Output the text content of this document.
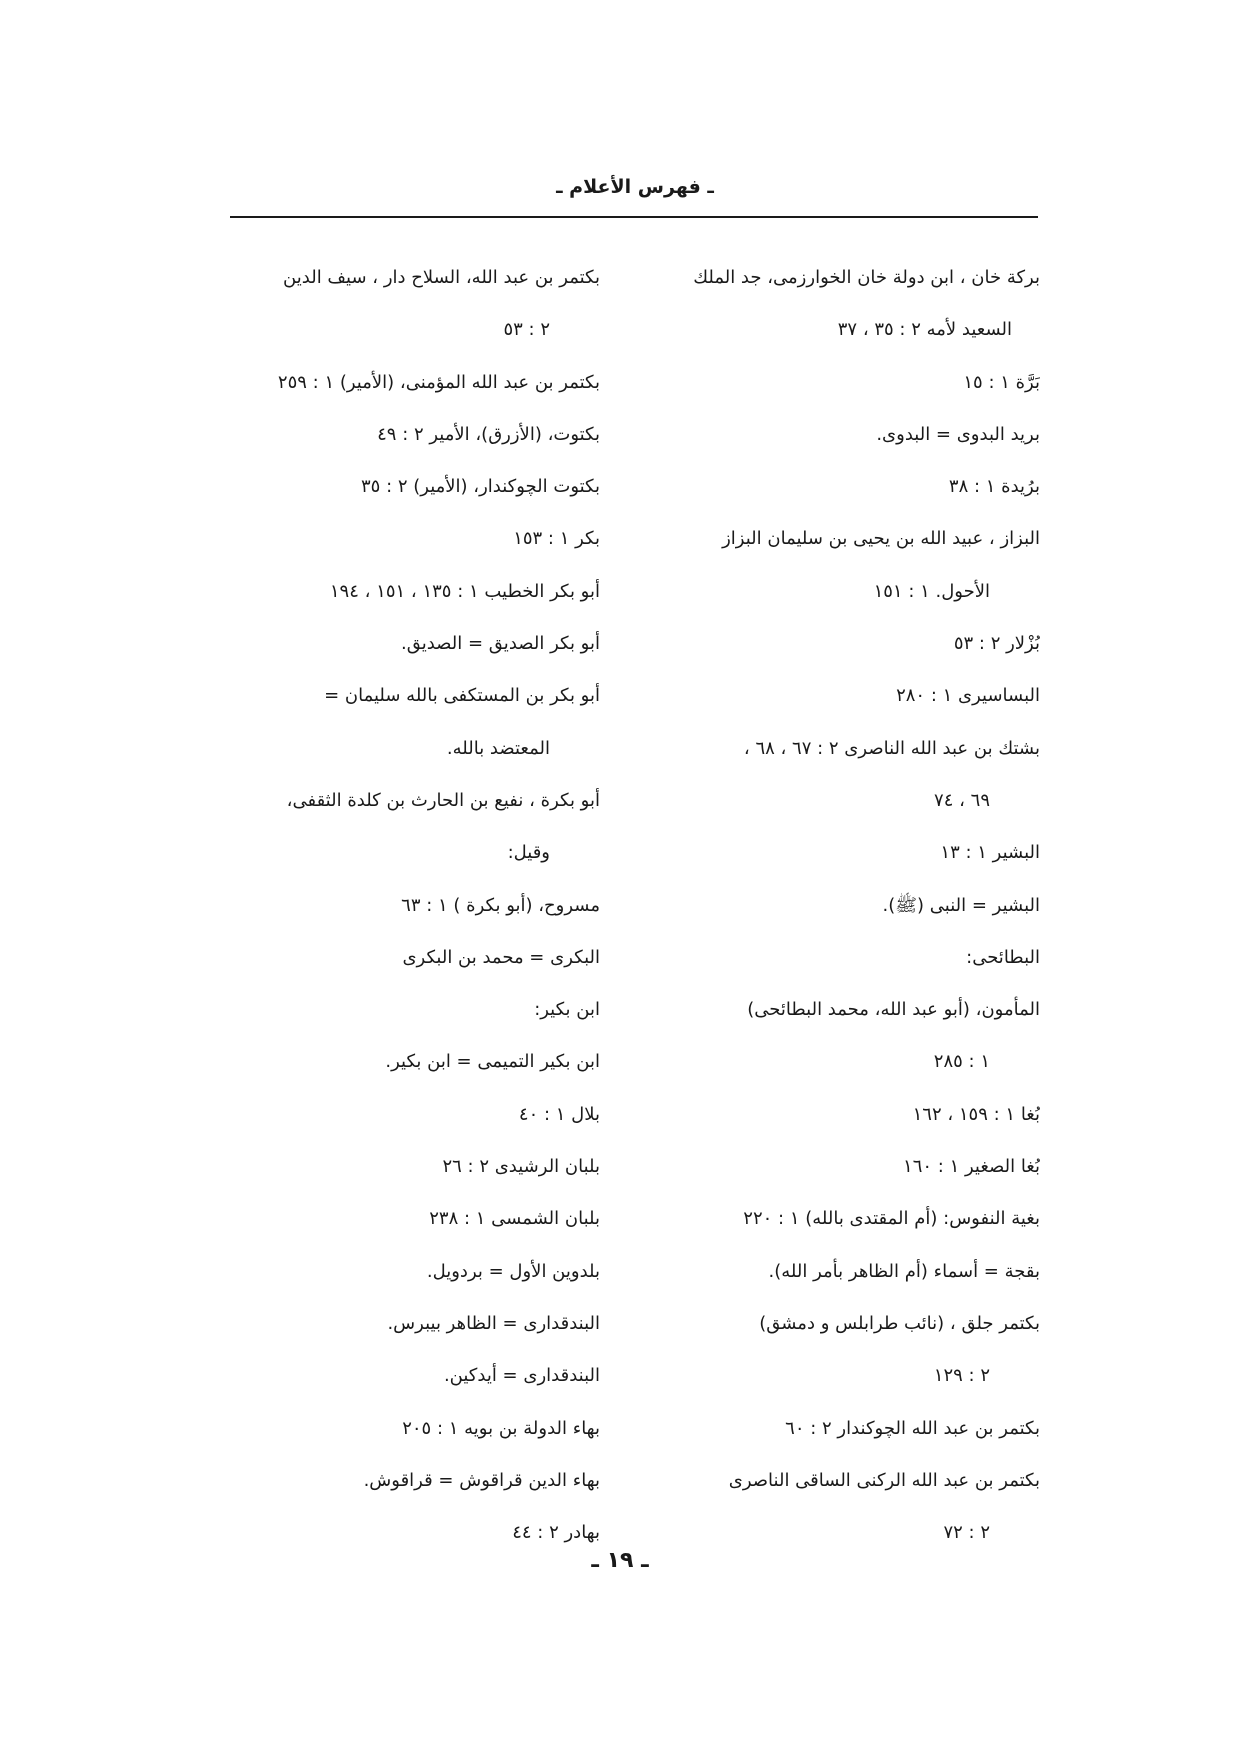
ـ فهرس الأعلام ـ
بركة خان ، ابن دولة خان الخوارزمى، جد الملك
السعيد لأمه ٢ : ٣٥ ، ٣٧
بَرَّة ١ : ١٥
بريد البدوى = البدوى.
برُيدة ١ : ٣٨
البزاز ، عبيد الله بن يحيى بن سليمان البزاز
الأحول. ١ : ١٥١
بُزْلار ٢ : ٥٣
البساسيرى ١ : ٢٨٠
بشتك بن عبد الله الناصرى ٢ : ٦٧ ، ٦٨ ،
٦٩ ، ٧٤
البشير ١ : ١٣
البشير = النبى (ﷺ).
البطائحى:
المأمون، (أبو عبد الله، محمد البطائحى)
١ : ٢٨٥
بُغا ١ : ١٥٩ ، ١٦٢
بُغا الصغير ١ : ١٦٠
بغية النفوس: (أم المقتدى بالله) ١ : ٢٢٠
بقجة = أسماء (أم الظاهر بأمر الله).
بكتمر جلق ، (نائب طرابلس و دمشق)
٢ : ١٢٩
بكتمر بن عبد الله الچوكندار ٢ : ٦٠
بكتمر بن عبد الله الركنى الساقى الناصرى
٢ : ٧٢
بكتمر بن عبد الله، السلاح دار ، سيف الدين
٢ : ٥٣
بكتمر بن عبد الله المؤمنى، (الأمير) ١ : ٢٥٩
بكتوت، (الأزرق)، الأمير ٢ : ٤٩
بكتوت الچوكندار، (الأمير) ٢ : ٣٥
بكر ١ : ١٥٣
أبو بكر الخطيب ١ : ١٣٥ ، ١٥١ ، ١٩٤
أبو بكر الصديق = الصديق.
أبو بكر بن المستكفى بالله سليمان =
المعتضد بالله.
أبو بكرة ، نفيع بن الحارث بن كلدة الثقفى،
وقيل:
مسروح، (أبو بكرة ) ١ : ٦٣
البكرى = محمد بن البكرى
ابن بكير:
ابن بكير التميمى = ابن بكير.
بلال ١ : ٤٠
بلبان الرشيدى ٢ : ٢٦
بلبان الشمسى ١ : ٢٣٨
بلدوين الأول = بردويل.
البندقدارى = الظاهر بيبرس.
البندقدارى = أيدكين.
بهاء الدولة بن بويه ١ : ٢٠٥
بهاء الدين قراقوش = قراقوش.
بهادر ٢ : ٤٤
ـ ١٩ ـ
